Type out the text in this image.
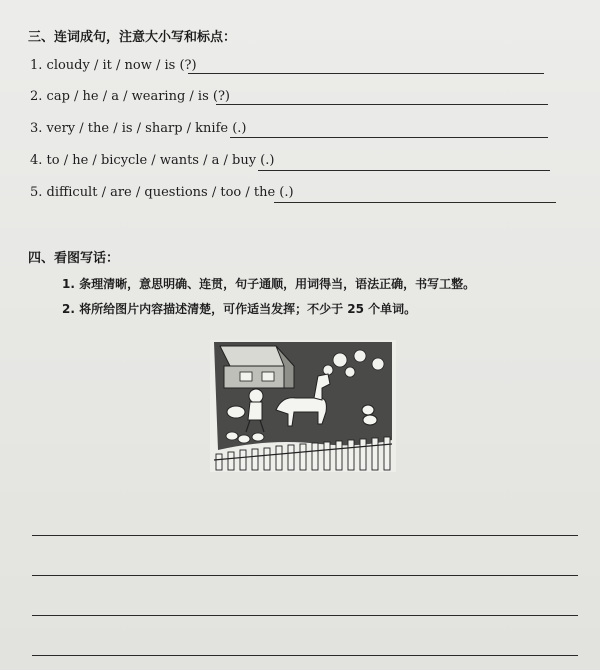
三、连词成句，注意大小写和标点：
1. cloudy / it / now / is (?)
2. cap / he / a / wearing / is (?)
3. very / the / is / sharp / knife (.)
4. to / he / bicycle / wants / a / buy (.)
5. difficult / are / questions / too / the (.)
四、看图写话：
1. 条理清晰，意思明确、连贯，句子通顺，用词得当，语法正确，书写工整。
2. 将所给图片内容描述清楚，可作适当发挥；不少于 25 个单词。
